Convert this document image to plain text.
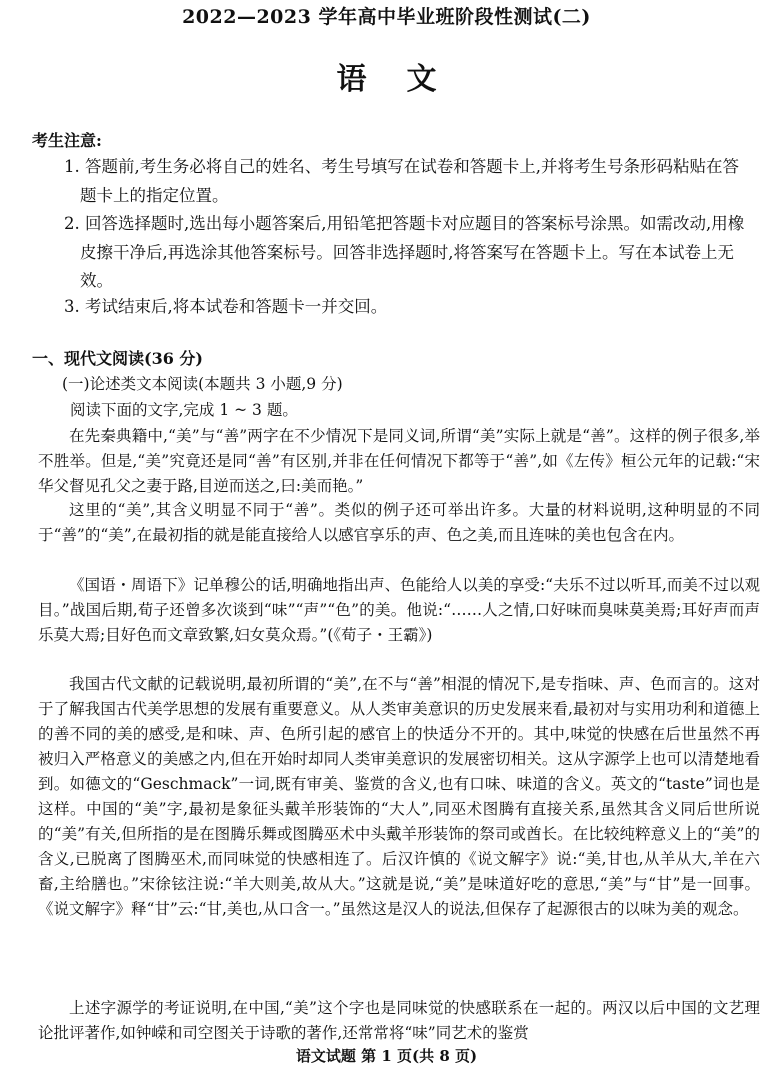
2022—2023 学年高中毕业班阶段性测试(二)
语文
考生注意:
1. 答题前,考生务必将自己的姓名、考生号填写在试卷和答题卡上,并将考生号条形码粘贴在答题卡上的指定位置。
2. 回答选择题时,选出每小题答案后,用铅笔把答题卡对应题目的答案标号涂黑。如需改动,用橡皮擦干净后,再选涂其他答案标号。回答非选择题时,将答案写在答题卡上。写在本试卷上无效。
3. 考试结束后,将本试卷和答题卡一并交回。
一、现代文阅读(36 分)
(一)论述类文本阅读(本题共 3 小题,9 分)
阅读下面的文字,完成 1 ~ 3 题。

在先秦典籍中,“美”与“善”两字在不少情况下是同义词,所谓“美”实际上就是“善”。这样的例子很多,举不胜举。但是,“美”究竟还是同“善”有区别,并非在任何情况下都等于“善”,如《左传》桓公元年的记载:“宋华父督见孔父之妻于路,目逆而送之,曰:美而艳。”

这里的“美”,其含义明显不同于“善”。类似的例子还可举出许多。大量的材料说明,这种明显的不同于“善”的“美”,在最初指的就是能直接给人以感官享乐的声、色之美,而且连味的美也包含在内。

《国语・周语下》记单穆公的话,明确地指出声、色能给人以美的享受:“夫乐不过以听耳,而美不过以观目。”战国后期,荀子还曾多次谈到“味”“声”“色”的美。他说:“……人之情,口好味而臭味莫美焉;耳好声而声乐莫大焉;目好色而文章致繁,妇女莫众焉。”(《荀子・王霸》)

我国古代文献的记载说明,最初所谓的“美”,在不与“善”相混的情况下,是专指味、声、色而言的。这对于了解我国古代美学思想的发展有重要意义。从人类审美意识的历史发展来看,最初对与实用功利和道德上的善不同的美的感受,是和味、声、色所引起的感官上的快适分不开的。其中,味觉的快感在后世虽然不再被归入严格意义的美感之内,但在开始时却同人类审美意识的发展密切相关。这从字源学上也可以清楚地看到。如德文的“Geschmack”一词,既有审美、鉴赏的含义,也有口味、味道的含义。英文的“taste”词也是这样。中国的“美”字,最初是象征头戴羊形装饰的“大人”,同巫术图腾有直接关系,虽然其含义同后世所说的“美”有关,但所指的是在图腾乐舞或图腾巫术中头戴羊形装饰的祭司或酋长。在比较纯粹意义上的“美”的含义,已脱离了图腾巫术,而同味觉的快感相连了。后汉许慎的《说文解字》说:“美,甘也,从羊从大,羊在六畜,主给膳也。”宋徐铉注说:“羊大则美,故从大。”这就是说,“美”是味道好吃的意思,“美”与“甘”是一回事。《说文解字》释“甘”云:“甘,美也,从口含一。”虽然这是汉人的说法,但保存了起源很古的以味为美的观念。

上述字源学的考证说明,在中国,“美”这个字也是同味觉的快感联系在一起的。两汉以后中国的文艺理论批评著作,如钟嵘和司空图关于诗歌的著作,还常常将“味”同艺术的鉴赏

语文试题 第 1 页(共 8 页)
